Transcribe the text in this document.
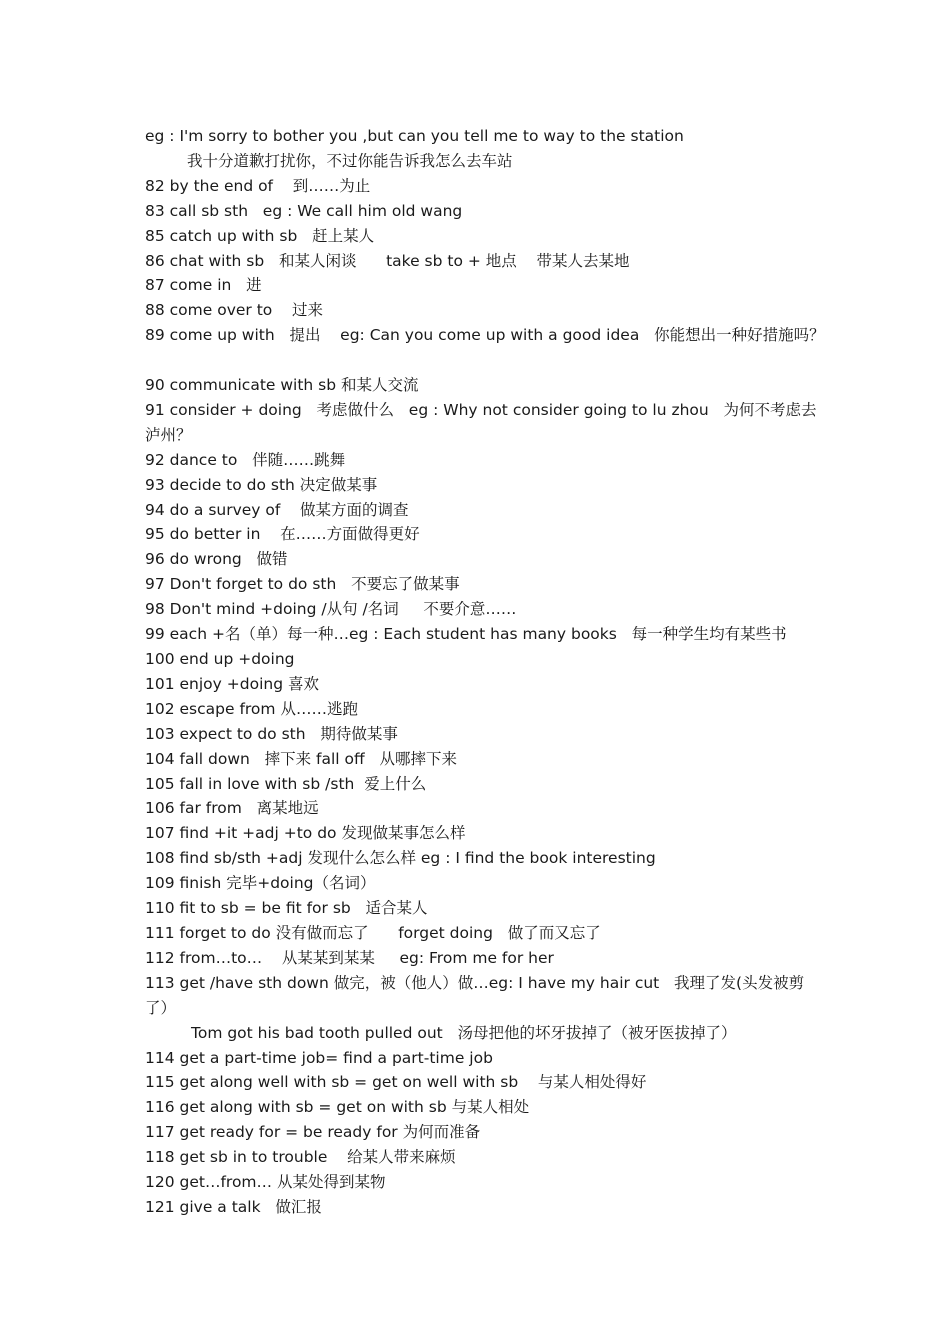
eg : I'm sorry to bother you ,but can you tell me to way to the station
我十分道歉打扰你，不过你能告诉我怎么去车站
82 by the end of    到……为止
83 call sb sth   eg : We call him old wang
85 catch up with sb   赶上某人
86 chat with sb   和某人闲谈      take sb to + 地点    带某人去某地
87 come in   进
88 come over to    过来
89 come up with   提出    eg: Can you come up with a good idea   你能想出一种好措施吗？
90 communicate with sb 和某人交流
91 consider + doing   考虑做什么   eg : Why not consider going to lu zhou   为何不考虑去
泸州？
92 dance to   伴随……跳舞
93 decide to do sth 决定做某事
94 do a survey of    做某方面的调查
95 do better in    在……方面做得更好
96 do wrong   做错
97 Don't forget to do sth   不要忘了做某事
98 Don't mind +doing /从句 /名词     不要介意……
99 each +名（单）每一种…eg : Each student has many books   每一种学生均有某些书
100 end up +doing
101 enjoy +doing 喜欢
102 escape from 从……逃跑
103 expect to do sth   期待做某事
104 fall down   摔下来 fall off   从哪摔下来
105 fall in love with sb /sth  爱上什么
106 far from   离某地远
107 find +it +adj +to do 发现做某事怎么样
108 find sb/sth +adj 发现什么怎么样 eg : I find the book interesting
109 finish 完毕+doing（名词）
110 fit to sb = be fit for sb   适合某人
111 forget to do 没有做而忘了      forget doing   做了而又忘了
112 from…to…    从某某到某某     eg: From me for her
113 get /have sth down 做完，被（他人）做…eg: I have my hair cut   我理了发(头发被剪
了）
Tom got his bad tooth pulled out   汤母把他的坏牙拔掉了（被牙医拔掉了）
114 get a part-time job= find a part-time job
115 get along well with sb = get on well with sb    与某人相处得好
116 get along with sb = get on with sb 与某人相处
117 get ready for = be ready for 为何而准备
118 get sb in to trouble    给某人带来麻烦
120 get…from… 从某处得到某物
121 give a talk   做汇报
